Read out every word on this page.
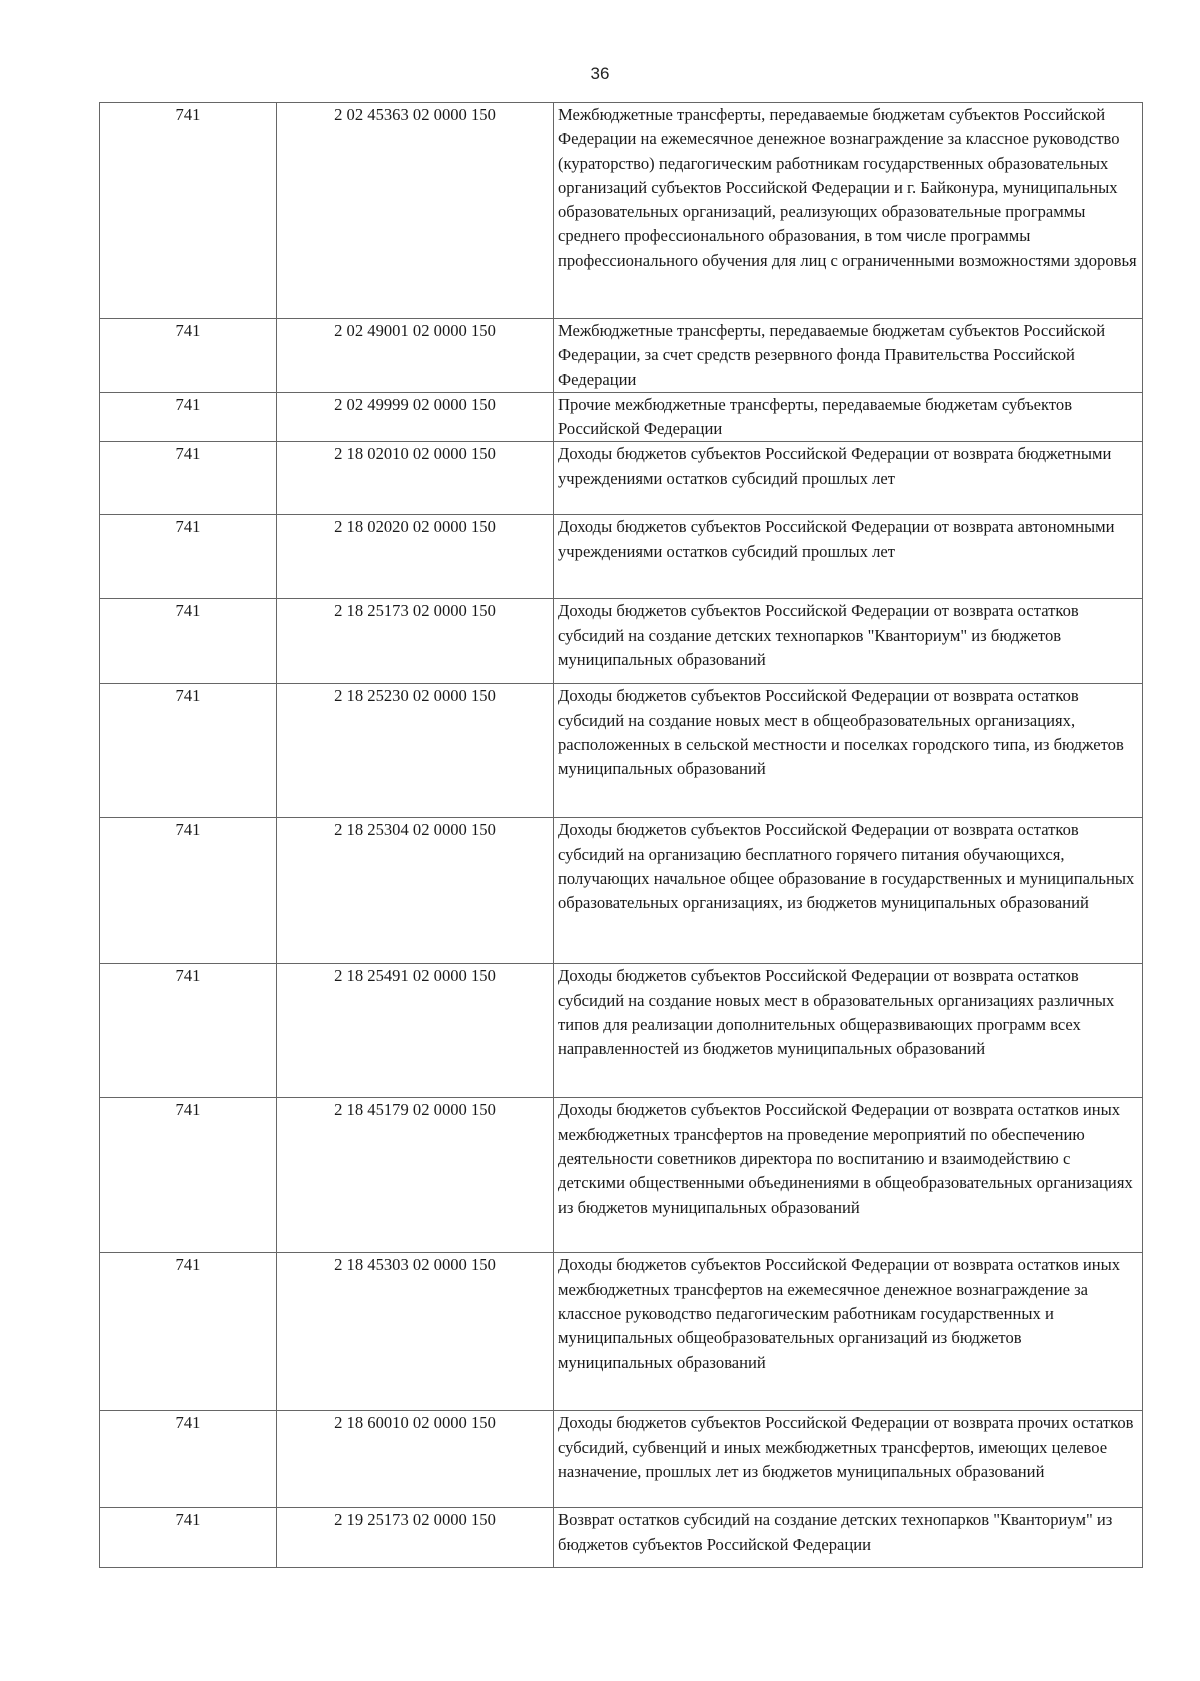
36
741	2 02 45363 02 0000 150	Межбюджетные трансферты, передаваемые бюджетам субъектов Российской Федерации на ежемесячное денежное вознаграждение за классное руководство (кураторство) педагогическим работникам государственных образовательных организаций субъектов Российской Федерации и г. Байконура, муниципальных образовательных организаций, реализующих образовательные программы среднего профессионального образования, в том числе программы профессионального обучения для лиц с ограниченными возможностями здоровья
741	2 02 49001 02 0000 150	Межбюджетные трансферты, передаваемые бюджетам субъектов Российской Федерации, за счет средств резервного фонда Правительства Российской Федерации
741	2 02 49999 02 0000 150	Прочие межбюджетные трансферты, передаваемые бюджетам субъектов Российской Федерации
741	2 18 02010 02 0000 150	Доходы бюджетов субъектов Российской Федерации от возврата бюджетными учреждениями остатков субсидий прошлых лет
741	2 18 02020 02 0000 150	Доходы бюджетов субъектов Российской Федерации от возврата автономными учреждениями остатков субсидий прошлых лет
741	2 18 25173 02 0000 150	Доходы бюджетов субъектов Российской Федерации от возврата остатков субсидий на создание детских технопарков "Кванториум" из бюджетов муниципальных образований
741	2 18 25230 02 0000 150	Доходы бюджетов субъектов Российской Федерации от возврата остатков субсидий на создание новых мест в общеобразовательных организациях, расположенных в сельской местности и поселках городского типа, из бюджетов муниципальных образований
741	2 18 25304 02 0000 150	Доходы бюджетов субъектов Российской Федерации от возврата остатков субсидий на организацию бесплатного горячего питания обучающихся, получающих начальное общее образование в государственных и муниципальных образовательных организациях, из бюджетов муниципальных образований
741	2 18 25491 02 0000 150	Доходы бюджетов субъектов Российской Федерации от возврата остатков субсидий на создание новых мест в образовательных организациях различных типов для реализации дополнительных общеразвивающих программ всех направленностей из бюджетов муниципальных образований
741	2 18 45179 02 0000 150	Доходы бюджетов субъектов Российской Федерации от возврата остатков иных межбюджетных трансфертов на проведение мероприятий по обеспечению деятельности советников директора по воспитанию и взаимодействию с детскими общественными объединениями в общеобразовательных организациях из бюджетов муниципальных образований
741	2 18 45303 02 0000 150	Доходы бюджетов субъектов Российской Федерации от возврата остатков иных межбюджетных трансфертов на ежемесячное денежное вознаграждение за классное руководство педагогическим работникам государственных и муниципальных общеобразовательных организаций из бюджетов муниципальных образований
741	2 18 60010 02 0000 150	Доходы бюджетов субъектов Российской Федерации от возврата прочих остатков субсидий, субвенций и иных межбюджетных трансфертов, имеющих целевое назначение, прошлых лет из бюджетов муниципальных образований
741	2 19 25173 02 0000 150	Возврат остатков субсидий на создание детских технопарков "Кванториум" из бюджетов субъектов Российской Федерации
